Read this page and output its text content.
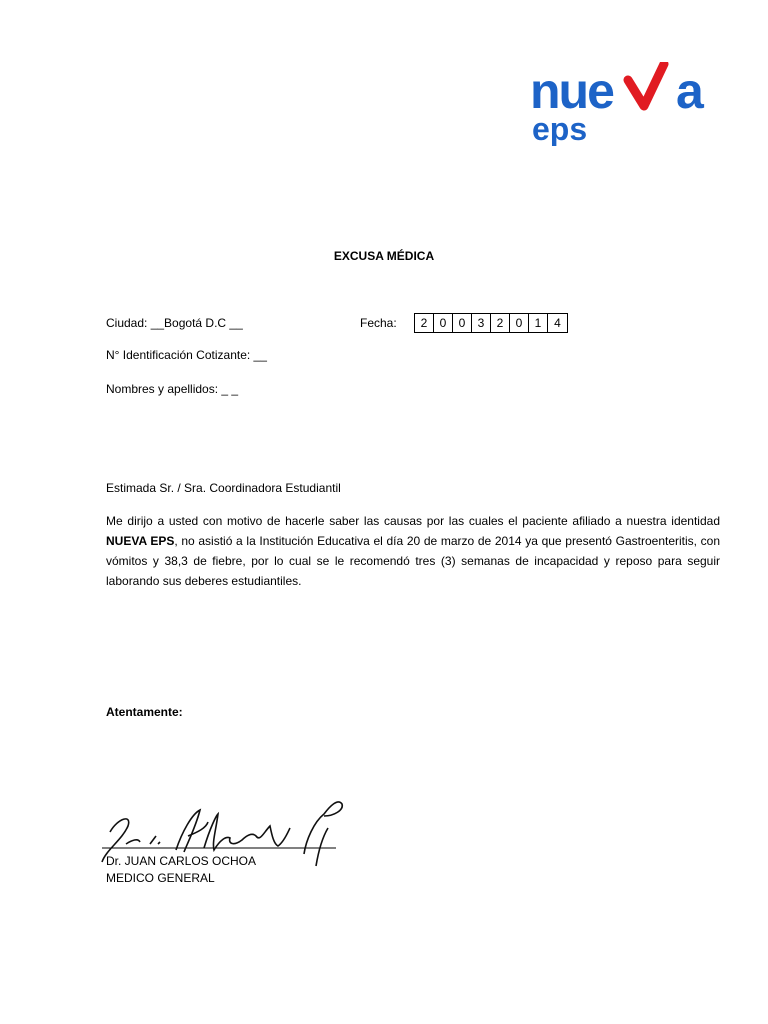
nue a
eps
EXCUSA MÉDICA
Ciudad: __Bogotá D.C __	Fecha:	2	0	0	3	2	0	1	4
N° Identificación Cotizante: __
Nombres y apellidos: _ _
Estimada Sr. / Sra. Coordinadora Estudiantil
Me dirijo a usted con motivo de hacerle saber las causas por las cuales el paciente afiliado a nuestra identidad NUEVA EPS, no asistió a la Institución Educativa el día 20 de marzo de 2014 ya que presentó Gastroenteritis, con vómitos y 38,3 de fiebre, por lo cual se le recomendó tres (3) semanas de incapacidad y reposo para seguir laborando sus deberes estudiantiles.
Atentamente:
Dr. JUAN CARLOS OCHOA
MEDICO GENERAL
